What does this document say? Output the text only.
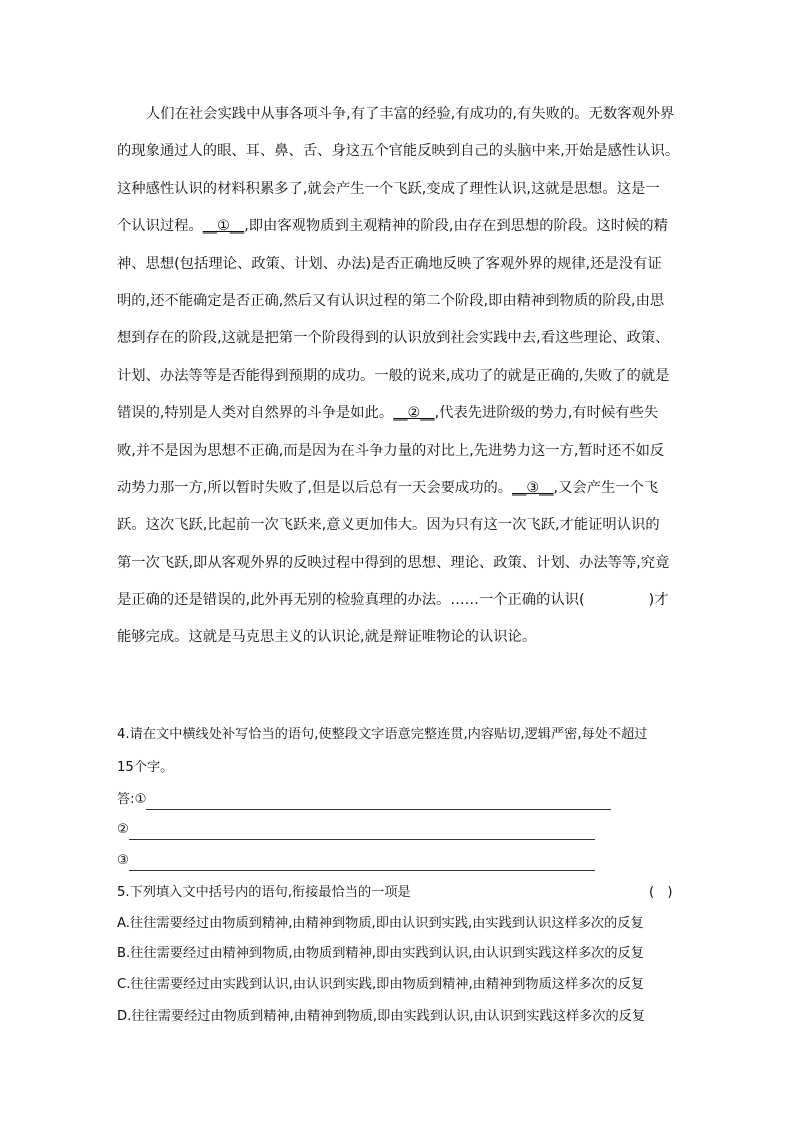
人们在社会实践中从事各项斗争,有了丰富的经验,有成功的,有失败的。无数客观外界
的现象通过人的眼、耳、鼻、舌、身这五个官能反映到自己的头脑中来,开始是感性认识。
这种感性认识的材料积累多了,就会产生一个飞跃,变成了理性认识,这就是思想。这是一
个认识过程。__①__,即由客观物质到主观精神的阶段,由存在到思想的阶段。这时候的精
神、思想(包括理论、政策、计划、办法)是否正确地反映了客观外界的规律,还是没有证
明的,还不能确定是否正确,然后又有认识过程的第二个阶段,即由精神到物质的阶段,由思
想到存在的阶段,这就是把第一个阶段得到的认识放到社会实践中去,看这些理论、政策、
计划、办法等等是否能得到预期的成功。一般的说来,成功了的就是正确的,失败了的就是
错误的,特别是人类对自然界的斗争是如此。__②__,代表先进阶级的势力,有时候有些失
败,并不是因为思想不正确,而是因为在斗争力量的对比上,先进势力这一方,暂时还不如反
动势力那一方,所以暂时失败了,但是以后总有一天会要成功的。__③__,又会产生一个飞
跃。这次飞跃,比起前一次飞跃来,意义更加伟大。因为只有这一次飞跃,才能证明认识的
第一次飞跃,即从客观外界的反映过程中得到的思想、理论、政策、计划、办法等等,究竟
是正确的还是错误的,此外再无别的检验真理的办法。……一个正确的认识(	)才
能够完成。这就是马克思主义的认识论,就是辩证唯物论的认识论。
4.请在文中横线处补写恰当的语句,使整段文字语意完整连贯,内容贴切,逻辑严密,每处不超过
15个字。
答:①
②
③
5.下列填入文中括号内的语句,衔接最恰当的一项是	(　)
A.往往需要经过由物质到精神,由精神到物质,即由认识到实践,由实践到认识这样多次的反复
B.往往需要经过由精神到物质,由物质到精神,即由实践到认识,由认识到实践这样多次的反复
C.往往需要经过由实践到认识,由认识到实践,即由物质到精神,由精神到物质这样多次的反复
D.往往需要经过由物质到精神,由精神到物质,即由实践到认识,由认识到实践这样多次的反复
